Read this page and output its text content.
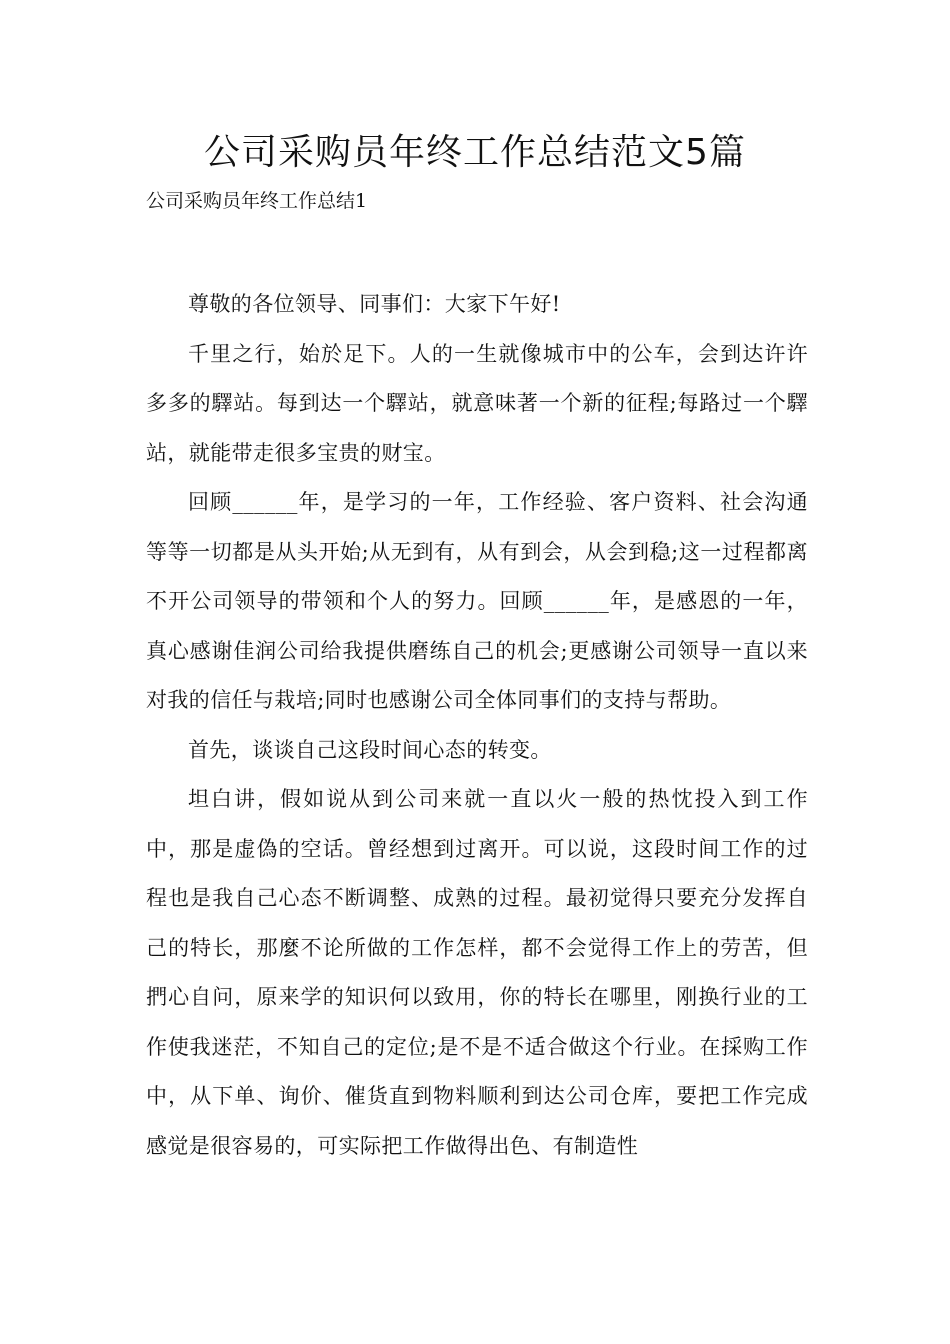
公司采购员年终工作总结范文5篇

公司采购员年终工作总结1

尊敬的各位领导、同事们：大家下午好!

千里之行，始於足下。人的一生就像城市中的公车，会到达许许多多的驛站。每到达一个驛站，就意味著一个新的征程;每路过一个驛站，就能带走很多宝贵的财宝。

回顾______年，是学习的一年，工作经验、客户资料、社会沟通等等一切都是从头开始;从无到有，从有到会，从会到稳;这一过程都离不开公司领导的带领和个人的努力。回顾______年，是感恩的一年，真心感谢佳润公司给我提供磨练自己的机会;更感谢公司领导一直以来对我的信任与栽培;同时也感谢公司全体同事们的支持与帮助。

首先，谈谈自己这段时间心态的转变。

坦白讲，假如说从到公司来就一直以火一般的热忱投入到工作中，那是虚偽的空话。曾经想到过离开。可以说，这段时间工作的过程也是我自己心态不断调整、成熟的过程。最初觉得只要充分发挥自己的特长，那麼不论所做的工作怎样，都不会觉得工作上的劳苦，但捫心自问，原来学的知识何以致用，你的特长在哪里，刚换行业的工作使我迷茫，不知自己的定位;是不是不适合做这个行业。在採购工作中，从下单、询价、催货直到物料顺利到达公司仓库，要把工作完成感觉是很容易的，可实际把工作做得出色、有制造性
